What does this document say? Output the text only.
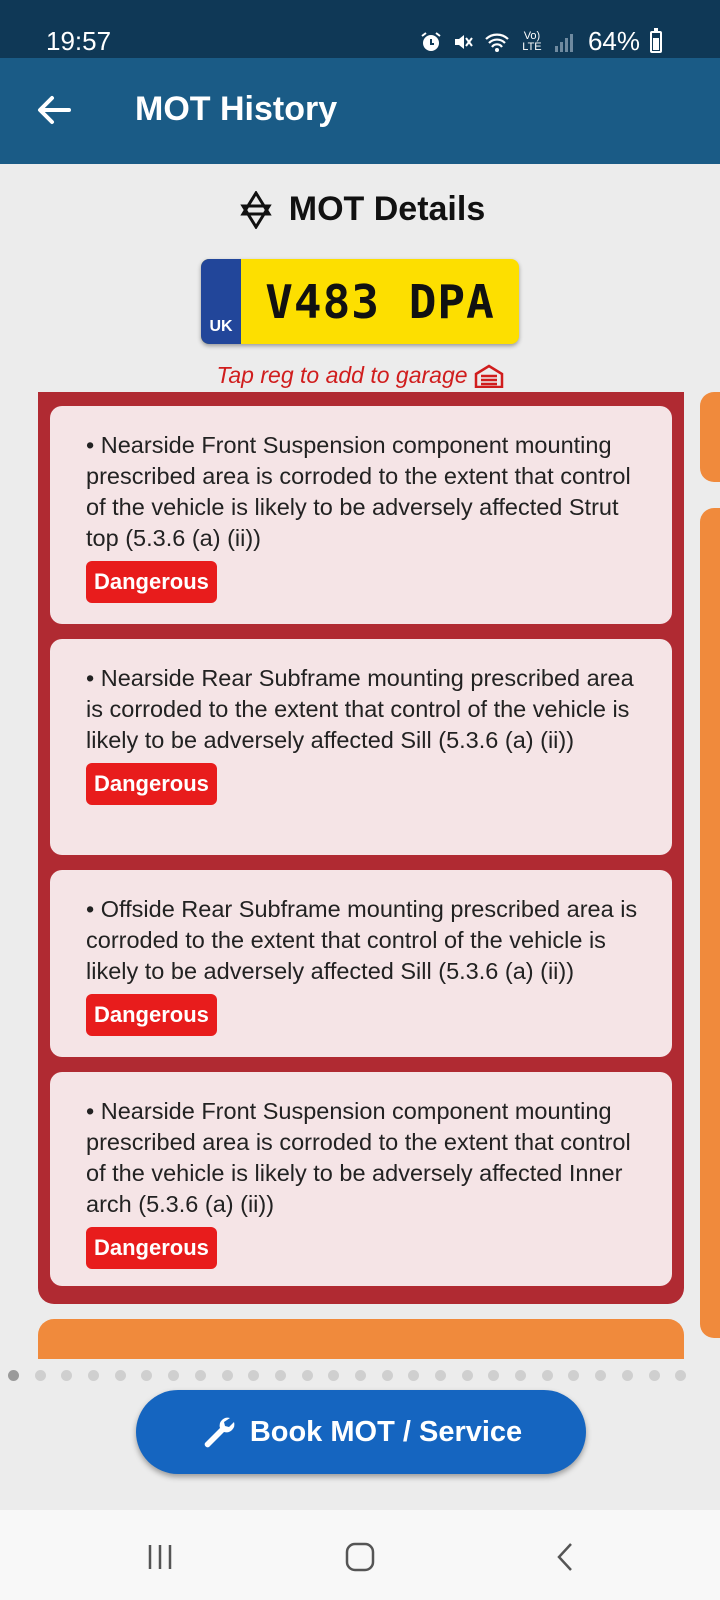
19:57	Vo) LTE 64%
MOT History
MOT Details
UK V483 DPA
Tap reg to add to garage
• Nearside Front Suspension component mounting prescribed area is corroded to the extent that control of the vehicle is likely to be adversely affected Strut top (5.3.6 (a) (ii))
Dangerous
• Nearside Rear Subframe mounting prescribed area is corroded to the extent that control of the vehicle is likely to be adversely affected Sill (5.3.6 (a) (ii))
Dangerous
• Offside Rear Subframe mounting prescribed area is corroded to the extent that control of the vehicle is likely to be adversely affected Sill (5.3.6 (a) (ii))
Dangerous
• Nearside Front Suspension component mounting prescribed area is corroded to the extent that control of the vehicle is likely to be adversely affected Inner arch (5.3.6 (a) (ii))
Dangerous
Book MOT / Service
